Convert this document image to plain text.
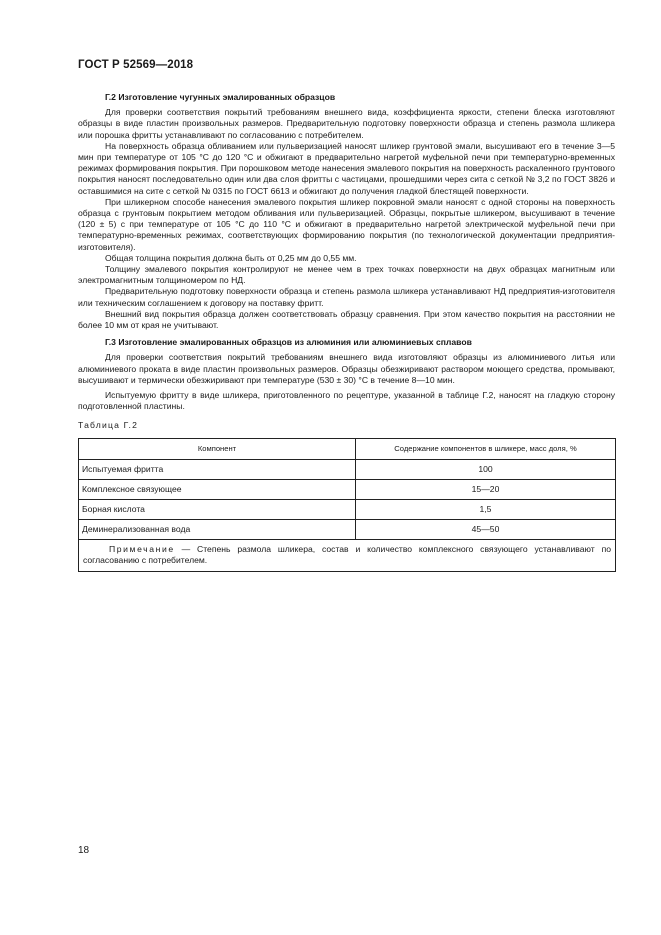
ГОСТ Р 52569—2018
Г.2 Изготовление чугунных эмалированных образцов

Для проверки соответствия покрытий требованиям внешнего вида, коэффициента яркости, степени блеска изготовляют образцы в виде пластин произвольных размеров. Предварительную подготовку поверхности образца и степень размола шликера или порошка фритты устанавливают по согласованию с потребителем.

На поверхность образца обливанием или пульверизацией наносят шликер грунтовой эмали, высушивают его в течение 3—5 мин при температуре от 105 °С до 120 °С и обжигают в предварительно нагретой муфельной печи при температурно-временных режимах формирования покрытия. При порошковом методе нанесения эмалевого покрытия на поверхность раскаленного грунтового покрытия наносят последовательно один или два слоя фритты с частицами, прошедшими через сита с сеткой № 3,2 по ГОСТ 3826 и оставшимися на сите с сеткой № 0315 по ГОСТ 6613 и обжигают до получения гладкой блестящей поверхности.

При шликерном способе нанесения эмалевого покрытия шликер покровной эмали наносят с одной стороны на поверхность образца с грунтовым покрытием методом обливания или пульверизацией. Образцы, покрытые шликером, высушивают в течение (120 ± 5) с при температуре от 105 °С до 110 °С и обжигают в предварительно нагретой электрической муфельной печи при температурно-временных режимах, соответствующих формированию покрытия (по технологической документации предприятия-изготовителя).

Общая толщина покрытия должна быть от 0,25 мм до 0,55 мм.

Толщину эмалевого покрытия контролируют не менее чем в трех точках поверхности на двух образцах магнитным или электромагнитным толщиномером по НД.

Предварительную подготовку поверхности образца и степень размола шликера устанавливают НД предприятия-изготовителя или техническим соглашением к договору на поставку фритт.

Внешний вид покрытия образца должен соответствовать образцу сравнения. При этом качество покрытия на расстоянии не более 10 мм от края не учитывают.

Г.3 Изготовление эмалированных образцов из алюминия или алюминиевых сплавов

Для проверки соответствия покрытий требованиям внешнего вида изготовляют образцы из алюминиевого литья или алюминиевого проката в виде пластин произвольных размеров. Образцы обезжиривают раствором моющего средства, промывают, высушивают и термически обезжиривают при температуре (530 ± 30) °С в течение 8—10 мин.

Испытуемую фритту в виде шликера, приготовленного по рецептуре, указанной в таблице Г.2, наносят на гладкую сторону подготовленной пластины.

Таблица Г.2
Компонент	Содержание компонентов в шликере, масс доля, %
Испытуемая фритта	100
Комплексное связующее	15—20
Борная кислота	1,5
Деминерализованная вода	45—50

Примечание — Степень размола шликера, состав и количество комплексного связующего устанавливают по согласованию с потребителем.	
18
